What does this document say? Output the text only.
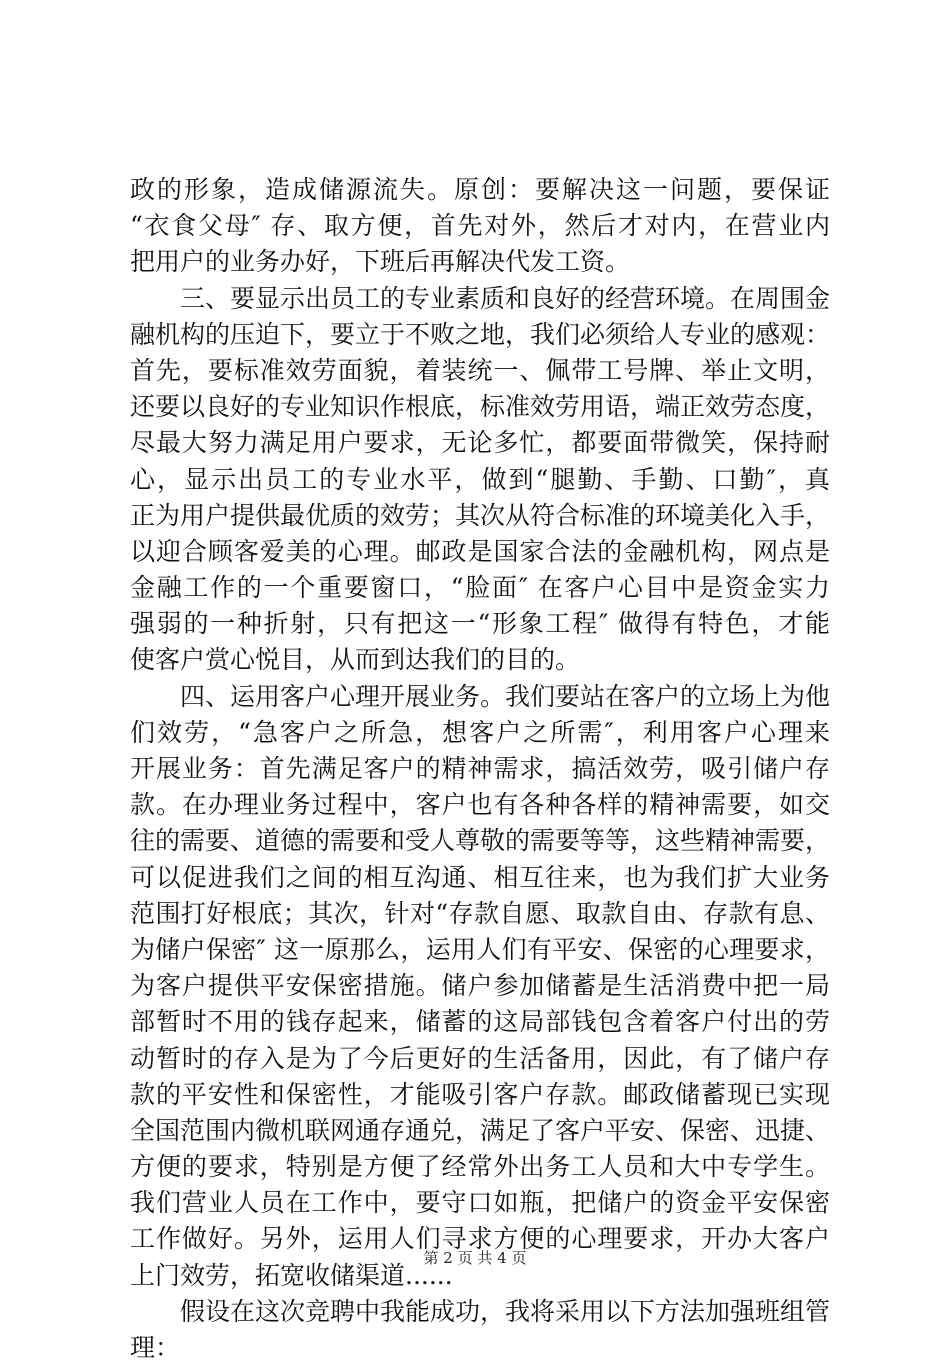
政的形象，造成储源流失。原创：要解决这一问题，要保证
“衣食父母″ 存、取方便，首先对外，然后才对内，在营业内
把用户的业务办好，下班后再解决代发工资。
三、要显示出员工的专业素质和良好的经营环境。在周围金
融机构的压迫下，要立于不败之地，我们必须给人专业的感观：
首先，要标准效劳面貌，着装统一、佩带工号牌、举止文明，
还要以良好的专业知识作根底，标准效劳用语，端正效劳态度，
尽最大努力满足用户要求，无论多忙，都要面带微笑，保持耐
心，显示出员工的专业水平，做到“腿勤、手勤、口勤″，真
正为用户提供最优质的效劳；其次从符合标准的环境美化入手，
以迎合顾客爱美的心理。邮政是国家合法的金融机构，网点是
金融工作的一个重要窗口，“脸面″ 在客户心目中是资金实力
强弱的一种折射，只有把这一“形象工程″ 做得有特色，才能
使客户赏心悦目，从而到达我们的目的。
四、运用客户心理开展业务。我们要站在客户的立场上为他
们效劳，“急客户之所急，想客户之所需″，利用客户心理来
开展业务：首先满足客户的精神需求，搞活效劳，吸引储户存
款。在办理业务过程中，客户也有各种各样的精神需要，如交
往的需要、道德的需要和受人尊敬的需要等等，这些精神需要，
可以促进我们之间的相互沟通、相互往来，也为我们扩大业务
范围打好根底；其次，针对“存款自愿、取款自由、存款有息、
为储户保密″ 这一原那么，运用人们有平安、保密的心理要求，
为客户提供平安保密措施。储户参加储蓄是生活消费中把一局
部暂时不用的钱存起来，储蓄的这局部钱包含着客户付出的劳
动暂时的存入是为了今后更好的生活备用，因此，有了储户存
款的平安性和保密性，才能吸引客户存款。邮政储蓄现已实现
全国范围内微机联网通存通兑，满足了客户平安、保密、迅捷、
方便的要求，特别是方便了经常外出务工人员和大中专学生。
我们营业人员在工作中，要守口如瓶，把储户的资金平安保密
工作做好。另外，运用人们寻求方便的心理要求，开办大客户
上门效劳，拓宽收储渠道......
假设在这次竞聘中我能成功，我将采用以下方法加强班组管
理：
第 2 页 共 4 页
